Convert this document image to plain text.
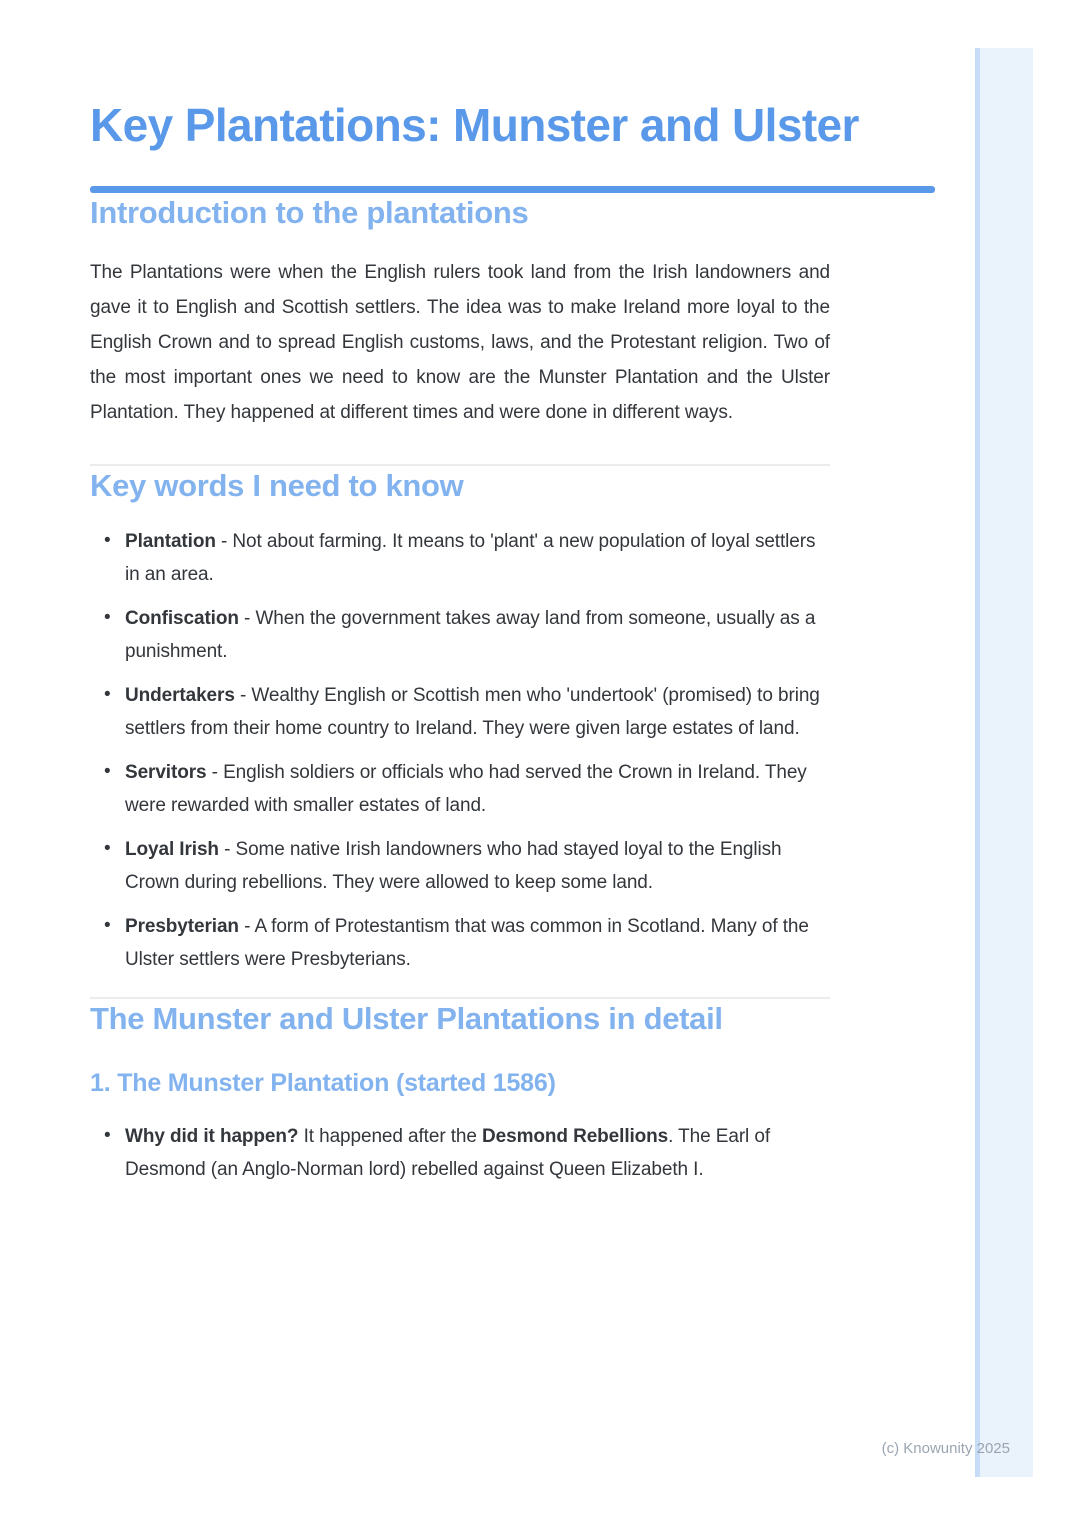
Key Plantations: Munster and Ulster
Introduction to the plantations

The Plantations were when the English rulers took land from the Irish landowners and gave it to English and Scottish settlers. The idea was to make Ireland more loyal to the English Crown and to spread English customs, laws, and the Protestant religion. Two of the most important ones we need to know are the Munster Plantation and the Ulster Plantation. They happened at different times and were done in different ways.

Key words I need to know
• Plantation - Not about farming. It means to 'plant' a new population of loyal settlers in an area.
• Confiscation - When the government takes away land from someone, usually as a punishment.
• Undertakers - Wealthy English or Scottish men who 'undertook' (promised) to bring settlers from their home country to Ireland. They were given large estates of land.
• Servitors - English soldiers or officials who had served the Crown in Ireland. They were rewarded with smaller estates of land.
• Loyal Irish - Some native Irish landowners who had stayed loyal to the English Crown during rebellions. They were allowed to keep some land.
• Presbyterian - A form of Protestantism that was common in Scotland. Many of the Ulster settlers were Presbyterians.
The Munster and Ulster Plantations in detail
1. The Munster Plantation (started 1586)
• Why did it happen? It happened after the Desmond Rebellions. The Earl of Desmond (an Anglo-Norman lord) rebelled against Queen Elizabeth I.
(c) Knowunity 2025
